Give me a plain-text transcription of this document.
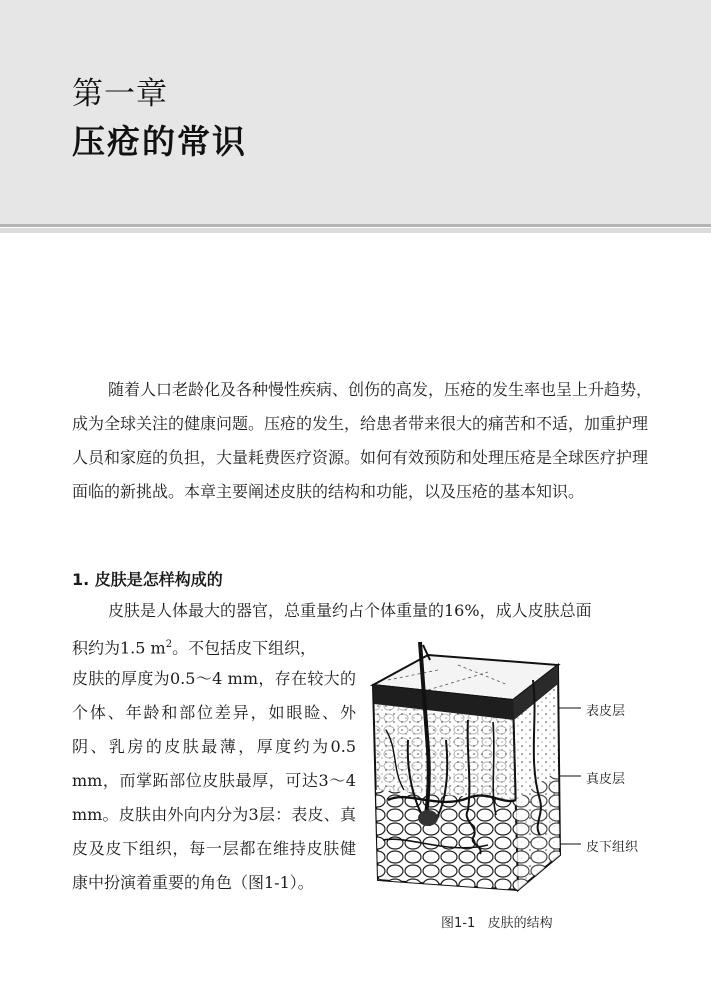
第一章
压疮的常识

随着人口老龄化及各种慢性疾病、创伤的高发，压疮的发生率也呈上升趋势，成为全球关注的健康问题。压疮的发生，给患者带来很大的痛苦和不适，加重护理人员和家庭的负担，大量耗费医疗资源。如何有效预防和处理压疮是全球医疗护理面临的新挑战。本章主要阐述皮肤的结构和功能，以及压疮的基本知识。

1. 皮肤是怎样构成的

皮肤是人体最大的器官，总重量约占个体重量的16%，成人皮肤总面

积约为1.5 $m^2$。不包括皮下组织，

皮肤的厚度为0.5～4 mm，存在较大的个体、年龄和部位差异，如眼睑、外阴、乳房的皮肤最薄，厚度约为0.5 mm，而掌跖部位皮肤最厚，可达3～4 mm。皮肤由外向内分为3层：表皮、真皮及皮下组织，每一层都在维持皮肤健康中扮演着重要的角色（图1-1）。

表皮层
真皮层
皮下组织
图1-1   皮肤的结构
